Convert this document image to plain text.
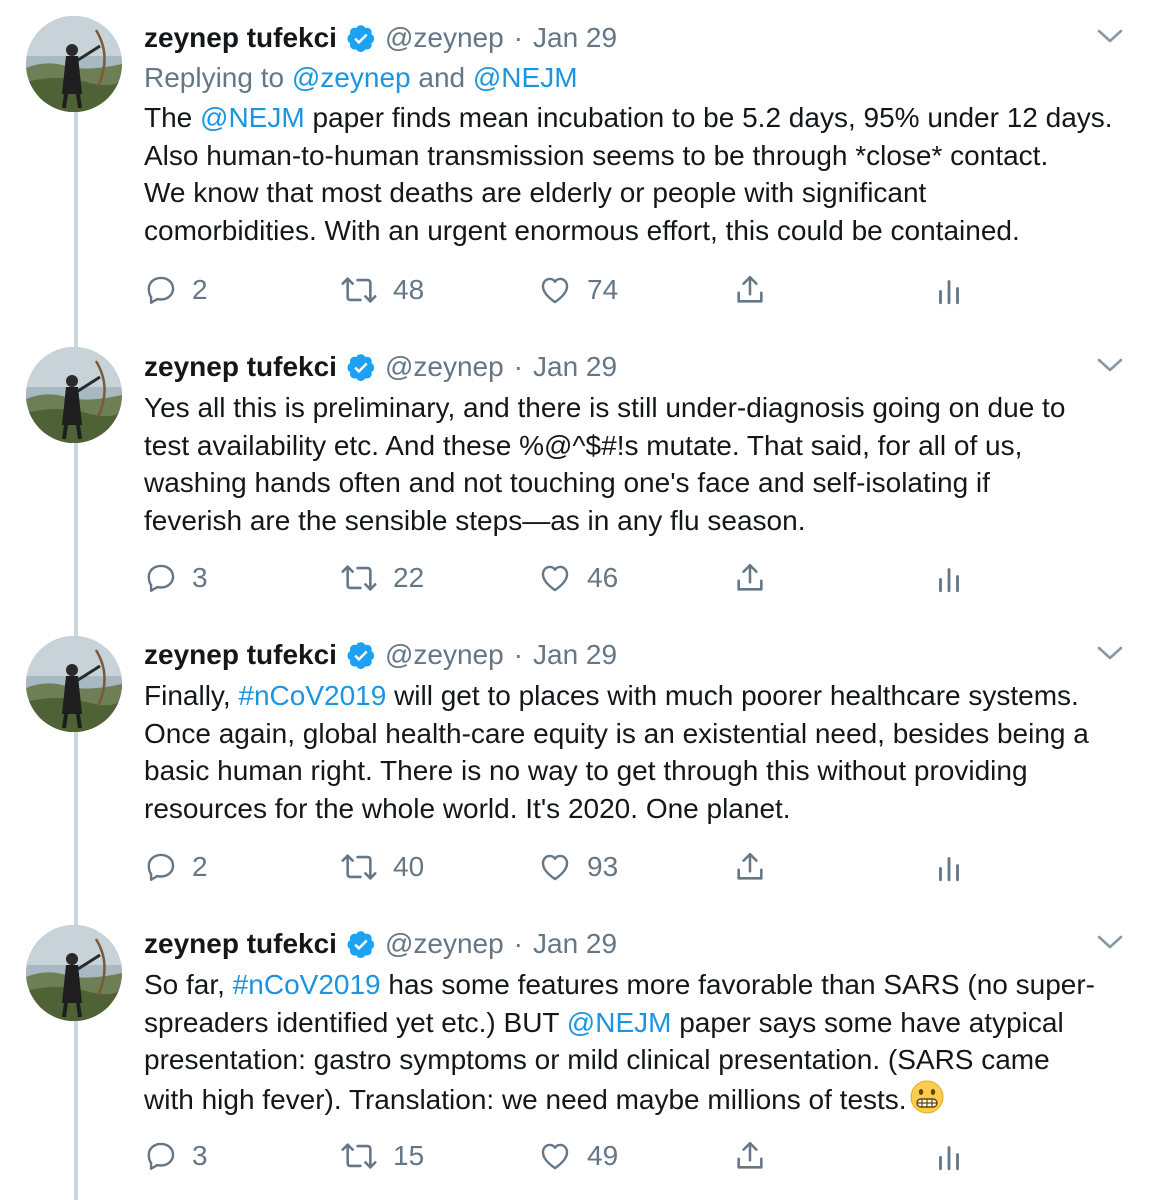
zeynep tufekci @zeynep · Jan 29
Replying to @zeynep and @NEJM
The @NEJM paper finds mean incubation to be 5.2 days, 95% under 12 days.
Also human-to-human transmission seems to be through *close* contact.
We know that most deaths are elderly or people with significant
comorbidities. With an urgent enormous effort, this could be contained.
2	48	74
zeynep tufekci @zeynep · Jan 29
Yes all this is preliminary, and there is still under-diagnosis going on due to
test availability etc. And these %@^$#!s mutate. That said, for all of us,
washing hands often and not touching one's face and self-isolating if
feverish are the sensible steps—as in any flu season.
3	22	46
zeynep tufekci @zeynep · Jan 29
Finally, #nCoV2019 will get to places with much poorer healthcare systems.
Once again, global health-care equity is an existential need, besides being a
basic human right. There is no way to get through this without providing
resources for the whole world. It's 2020. One planet.
2	40	93
zeynep tufekci @zeynep · Jan 29
So far, #nCoV2019 has some features more favorable than SARS (no super-
spreaders identified yet etc.) BUT @NEJM paper says some have atypical
presentation: gastro symptoms or mild clinical presentation. (SARS came
with high fever). Translation: we need maybe millions of tests.
3	15	49
